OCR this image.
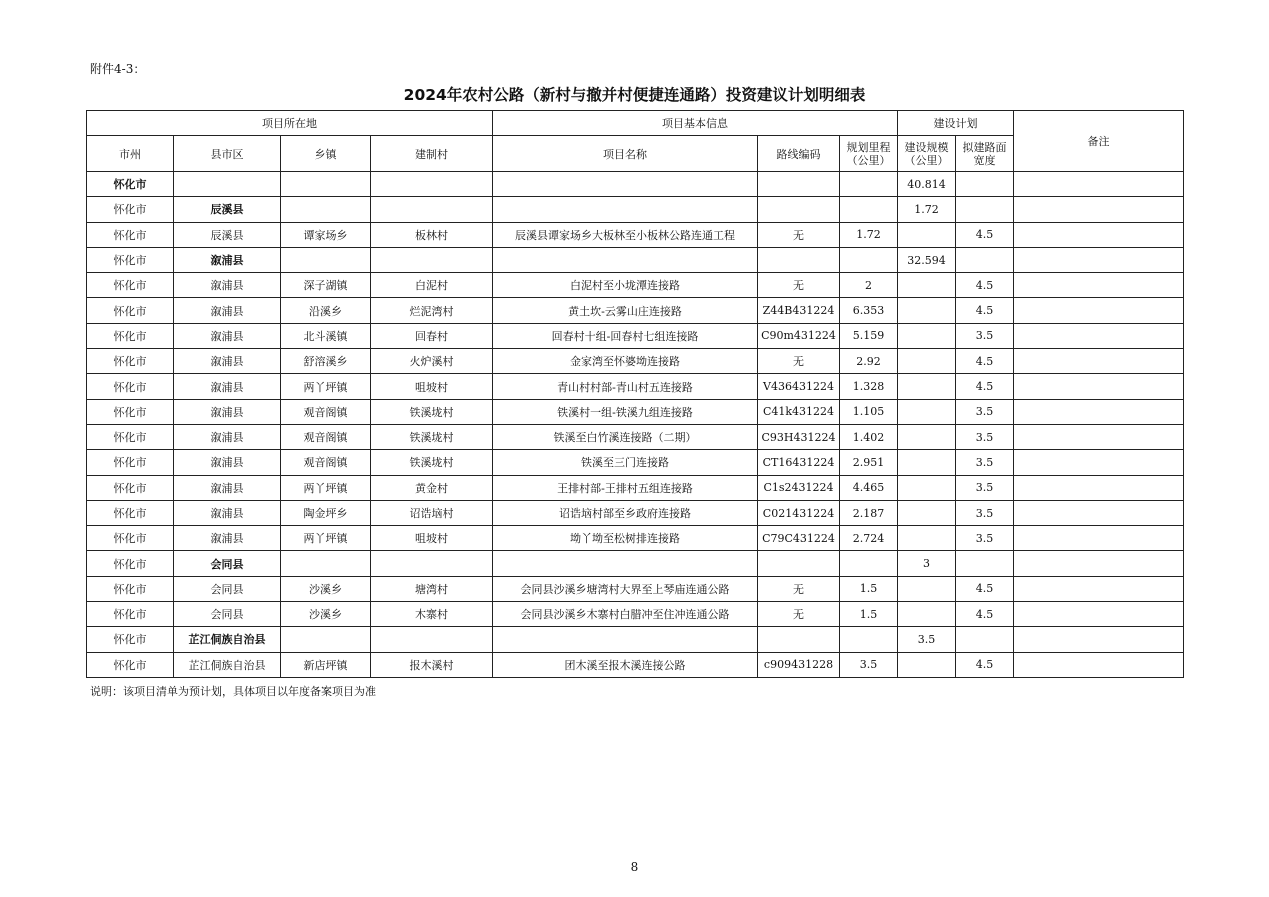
附件4-3：
2024年农村公路（新村与撤并村便捷连通路）投资建议计划明细表
项目所在地				项目基本信息			建设计划		备注
市州	县市区	乡镇	建制村	项目名称	路线编码	规划里程（公里）	建设规模（公里）	拟建路面宽度	
怀化市							40.814		
怀化市	辰溪县						1.72		
怀化市	辰溪县	谭家场乡	板林村	辰溪县谭家场乡大板林至小板林公路连通工程	无	1.72		4.5	
怀化市	溆浦县						32.594		
怀化市	溆浦县	深子湖镇	白泥村	白泥村至小垅潭连接路	无	2		4.5	
怀化市	溆浦县	沿溪乡	烂泥湾村	黄土坎-云雾山庄连接路	Z44B431224	6.353		4.5	
怀化市	溆浦县	北斗溪镇	回春村	回春村十组-回春村七组连接路	C90m431224	5.159		3.5	
怀化市	溆浦县	舒溶溪乡	火炉溪村	金家湾至怀婆坳连接路	无	2.92		4.5	
怀化市	溆浦县	两丫坪镇	咀坡村	青山村村部-青山村五连接路	V436431224	1.328		4.5	
怀化市	溆浦县	观音阁镇	铁溪垅村	铁溪村一组-铁溪九组连接路	C41k431224	1.105		3.5	
怀化市	溆浦县	观音阁镇	铁溪垅村	铁溪至白竹溪连接路（二期）	C93H431224	1.402		3.5	
怀化市	溆浦县	观音阁镇	铁溪垅村	铁溪至三门连接路	CT16431224	2.951		3.5	
怀化市	溆浦县	两丫坪镇	黄金村	王排村部-王排村五组连接路	C1s2431224	4.465		3.5	
怀化市	溆浦县	陶金坪乡	诏诰垴村	诏诰垴村部至乡政府连接路	C021431224	2.187		3.5	
怀化市	溆浦县	两丫坪镇	咀坡村	坳丫坳至松树排连接路	C79C431224	2.724		3.5	
怀化市	会同县						3		
怀化市	会同县	沙溪乡	塘湾村	会同县沙溪乡塘湾村大界至上琴庙连通公路	无	1.5		4.5	
怀化市	会同县	沙溪乡	木寨村	会同县沙溪乡木寨村白腊冲至住冲连通公路	无	1.5		4.5	
怀化市	芷江侗族自治县						3.5		
怀化市	芷江侗族自治县	新店坪镇	报木溪村	团木溪至报木溪连接公路	c909431228	3.5		4.5	
说明：该项目清单为预计划，具体项目以年度备案项目为准
8
